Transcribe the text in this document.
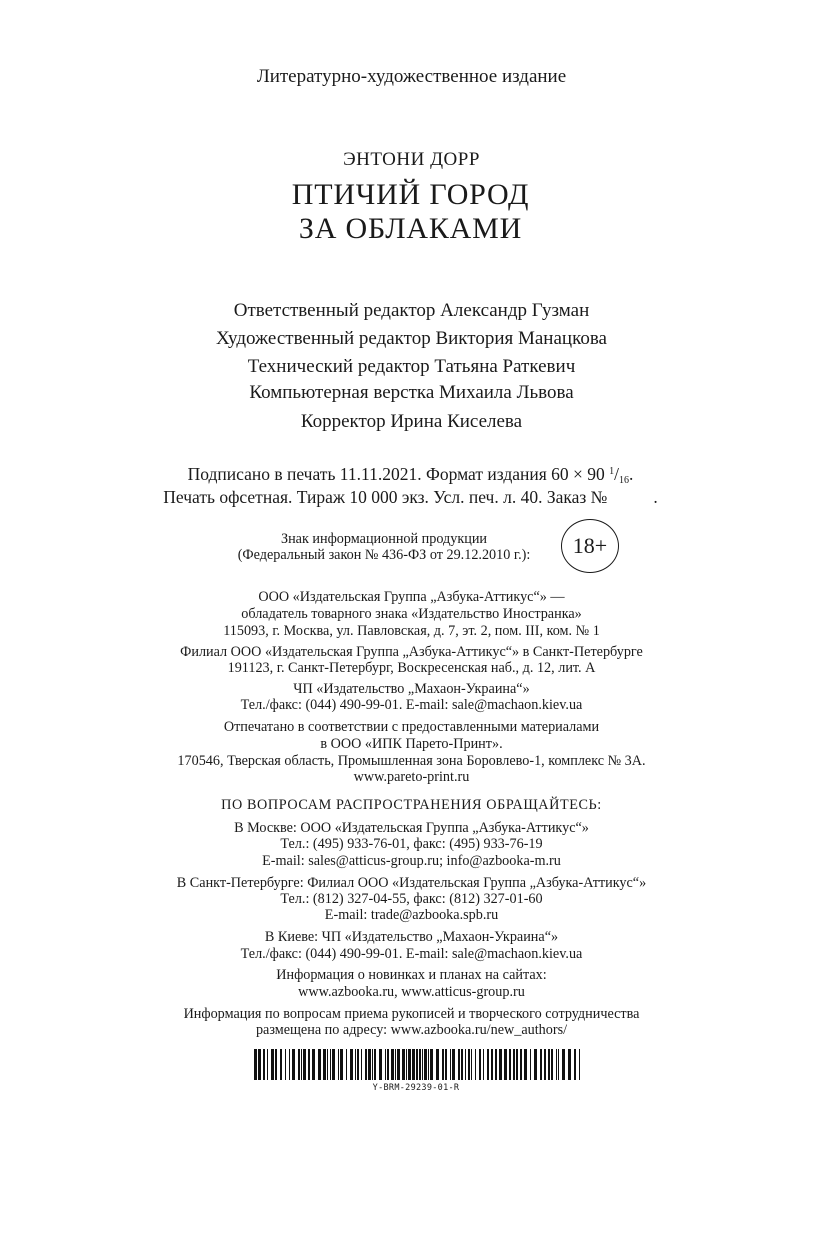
Литературно-художественное издание
ЭНТОНИ ДОРР
ПТИЧИЙ ГОРОД
ЗА ОБЛАКАМИ
Ответственный редактор Александр Гузман
Художественный редактор Виктория Манацкова
Технический редактор Татьяна Раткевич
Компьютерная верстка Михаила Львова
Корректор Ирина Киселева
Подписано в печать 11.11.2021. Формат издания 60 × 90 $^1/_{16}$.
Печать офсетная. Тираж 10 000 экз. Усл. печ. л. 40. Заказ №	.
Знак информационной продукции
(Федеральный закон № 436-ФЗ от 29.12.2010 г.):	18+
ООО «Издательская Группа „Азбука-Аттикус“» —
обладатель товарного знака «Издательство Иностранка»
115093, г. Москва, ул. Павловская, д. 7, эт. 2, пом. III, ком. № 1
Филиал ООО «Издательская Группа „Азбука-Аттикус“» в Санкт-Петербурге
191123, г. Санкт-Петербург, Воскресенская наб., д. 12, лит. А
ЧП «Издательство „Махаон-Украина“»
Тел./факс: (044) 490-99-01. E-mail: sale@machaon.kiev.ua
Отпечатано в соответствии с предоставленными материалами
в ООО «ИПК Парето-Принт».
170546, Тверская область, Промышленная зона Боровлево-1, комплекс № 3А.
www.pareto-print.ru
ПО ВОПРОСАМ РАСПРОСТРАНЕНИЯ ОБРАЩАЙТЕСЬ:
В Москве: ООО «Издательская Группа „Азбука-Аттикус“»
Тел.: (495) 933-76-01, факс: (495) 933-76-19
E-mail: sales@atticus-group.ru; info@azbooka-m.ru
В Санкт-Петербурге: Филиал ООО «Издательская Группа „Азбука-Аттикус“»
Тел.: (812) 327-04-55, факс: (812) 327-01-60
E-mail: trade@azbooka.spb.ru
В Киеве: ЧП «Издательство „Махаон-Украина“»
Тел./факс: (044) 490-99-01. E-mail: sale@machaon.kiev.ua
Информация о новинках и планах на сайтах:
www.azbooka.ru, www.atticus-group.ru
Информация по вопросам приема рукописей и творческого сотрудничества
размещена по адресу: www.azbooka.ru/new_authors/
Y-BRM-29239-01-R
